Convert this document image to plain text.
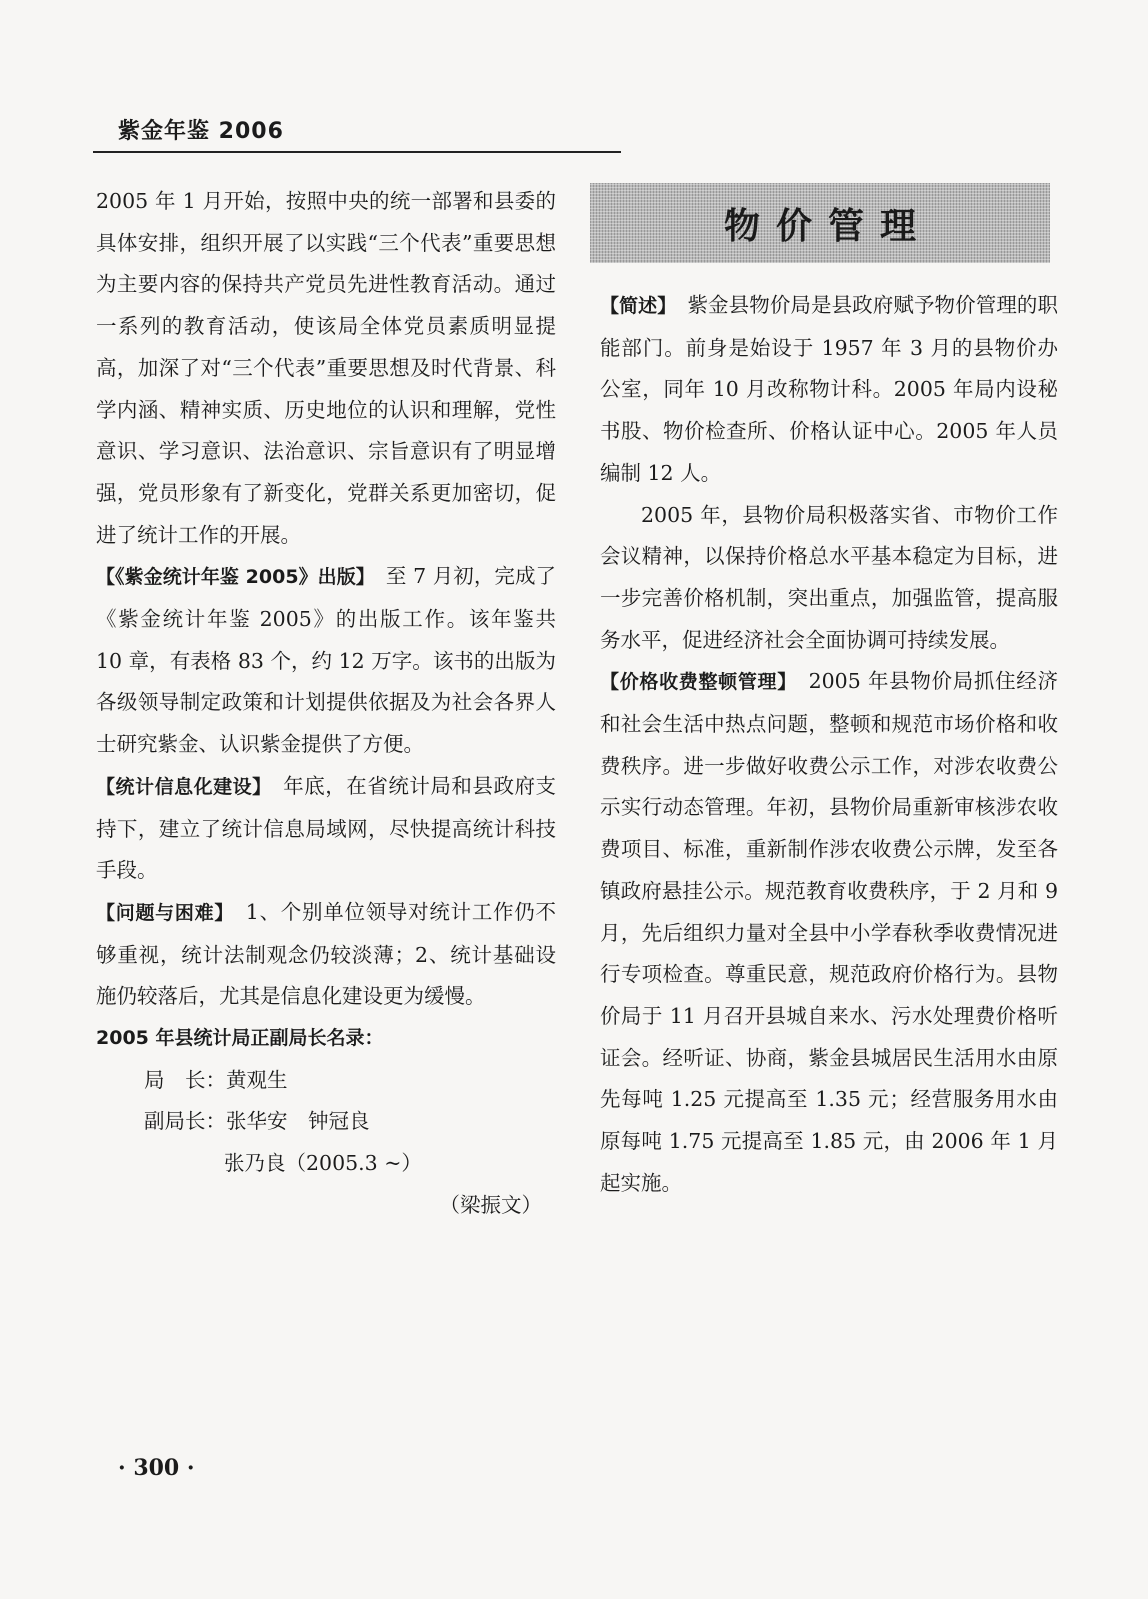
紫金年鉴 2006

2005 年 1 月开始，按照中央的统一部署和县委的具体安排，组织开展了以实践“三个代表”重要思想为主要内容的保持共产党员先进性教育活动。通过一系列的教育活动，使该局全体党员素质明显提高，加深了对“三个代表”重要思想及时代背景、科学内涵、精神实质、历史地位的认识和理解，党性意识、学习意识、法治意识、宗旨意识有了明显增强，党员形象有了新变化，党群关系更加密切，促进了统计工作的开展。

【《紫金统计年鉴 2005》出版】　至 7 月初，完成了《紫金统计年鉴 2005》的出版工作。该年鉴共 10 章，有表格 83 个，约 12 万字。该书的出版为各级领导制定政策和计划提供依据及为社会各界人士研究紫金、认识紫金提供了方便。

【统计信息化建设】　年底，在省统计局和县政府支持下，建立了统计信息局域网，尽快提高统计科技手段。

【问题与困难】　1、个别单位领导对统计工作仍不够重视，统计法制观念仍较淡薄；2、统计基础设施仍较落后，尤其是信息化建设更为缓慢。

2005 年县统计局正副局长名录：

局　长：黄观生
副局长：张华安　钟冠良
张乃良（2005.3 ~）

（梁振文）

物价管理

【简述】　紫金县物价局是县政府赋予物价管理的职能部门。前身是始设于 1957 年 3 月的县物价办公室，同年 10 月改称物计科。2005 年局内设秘书股、物价检查所、价格认证中心。2005 年人员编制 12 人。

2005 年，县物价局积极落实省、市物价工作会议精神，以保持价格总水平基本稳定为目标，进一步完善价格机制，突出重点，加强监管，提高服务水平，促进经济社会全面协调可持续发展。

【价格收费整顿管理】　2005 年县物价局抓住经济和社会生活中热点问题，整顿和规范市场价格和收费秩序。进一步做好收费公示工作，对涉农收费公示实行动态管理。年初，县物价局重新审核涉农收费项目、标准，重新制作涉农收费公示牌，发至各镇政府悬挂公示。规范教育收费秩序，于 2 月和 9 月，先后组织力量对全县中小学春秋季收费情况进行专项检查。尊重民意，规范政府价格行为。县物价局于 11 月召开县城自来水、污水处理费价格听证会。经听证、协商，紫金县城居民生活用水由原先每吨 1.25 元提高至 1.35 元；经营服务用水由原每吨 1.75 元提高至 1.85 元，由 2006 年 1 月起实施。

· 300 ·
